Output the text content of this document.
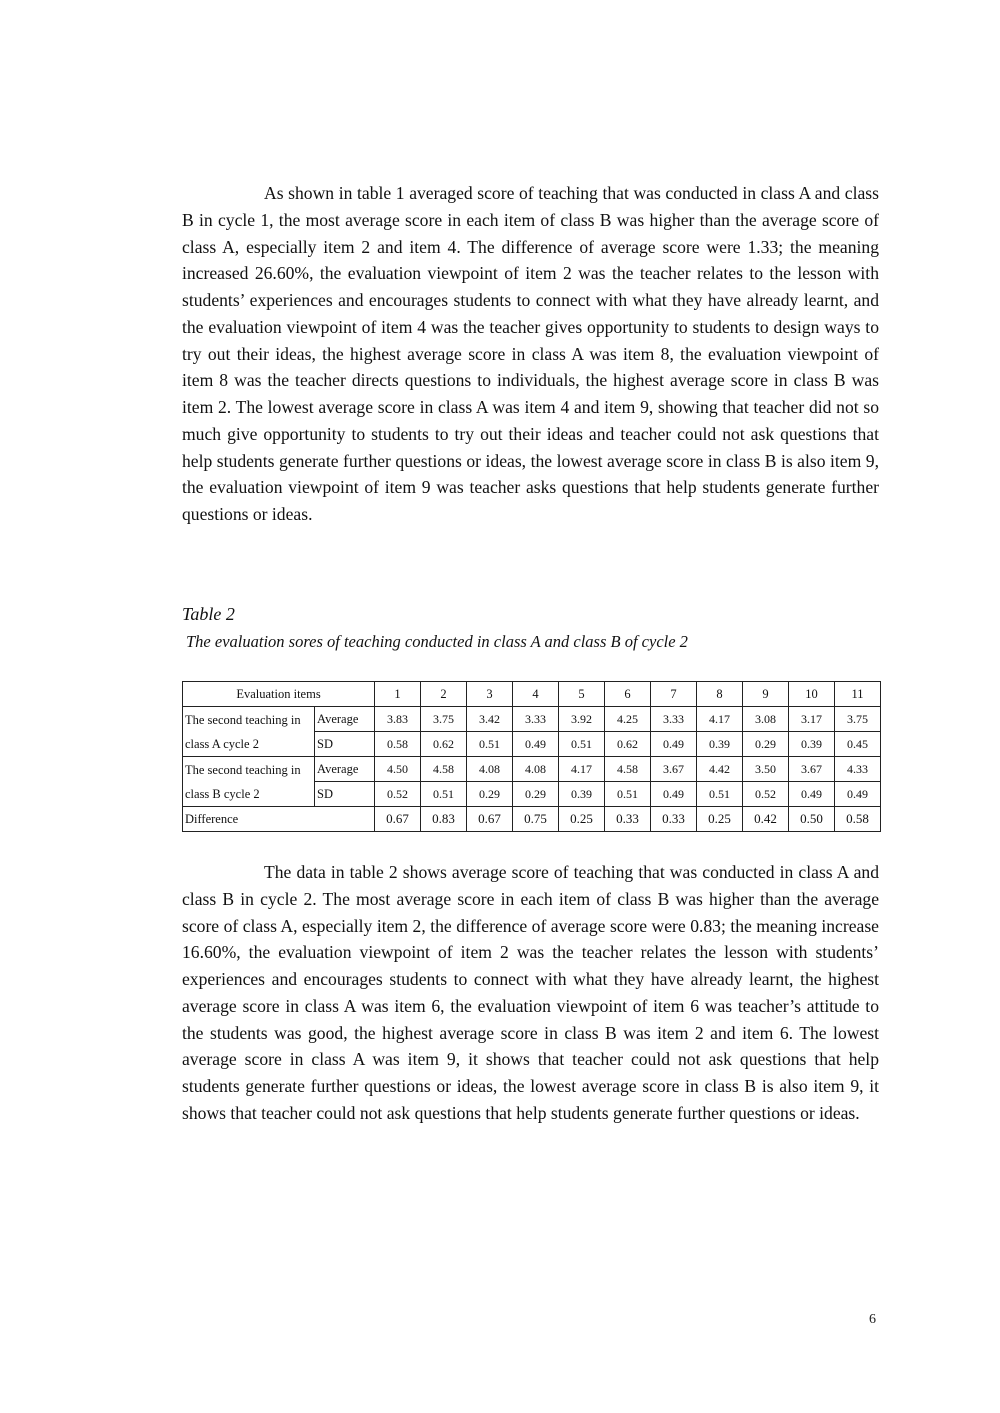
As shown in table 1 averaged score of teaching that was conducted in class A and class B in cycle 1, the most average score in each item of class B was higher than the average score of class A, especially item 2 and item 4. The difference of average score were 1.33; the meaning increased 26.60%, the evaluation viewpoint of item 2 was the teacher relates to the lesson with students’ experiences and encourages students to connect with what they have already learnt, and the evaluation viewpoint of item 4 was the teacher gives opportunity to students to design ways to try out their ideas, the highest average score in class A was item 8, the evaluation viewpoint of item 8 was the teacher directs questions to individuals, the highest average score in class B was item 2. The lowest average score in class A was item 4 and item 9, showing that teacher did not so much give opportunity to students to try out their ideas and teacher could not ask questions that help students generate further questions or ideas, the lowest average score in class B is also item 9, the evaluation viewpoint of item 9 was teacher asks questions that help students generate further questions or ideas.

Table 2
The evaluation sores of teaching conducted in class A and class B of cycle 2
Evaluation items		1	2	3	4	5	6	7	8	9	10	11
The second teaching in class A cycle 2	Average	3.83	3.75	3.42	3.33	3.92	4.25	3.33	4.17	3.08	3.17	3.75
	SD	0.58	0.62	0.51	0.49	0.51	0.62	0.49	0.39	0.29	0.39	0.45
The second teaching in class B cycle 2	Average	4.50	4.58	4.08	4.08	4.17	4.58	3.67	4.42	3.50	3.67	4.33
	SD	0.52	0.51	0.29	0.29	0.39	0.51	0.49	0.51	0.52	0.49	0.49
Difference		0.67	0.83	0.67	0.75	0.25	0.33	0.33	0.25	0.42	0.50	0.58

The data in table 2 shows average score of teaching that was conducted in class A and class B in cycle 2. The most average score in each item of class B was higher than the average score of class A, especially item 2, the difference of average score were 0.83; the meaning increase 16.60%, the evaluation viewpoint of item 2 was the teacher relates the lesson with students’ experiences and encourages students to connect with what they have already learnt, the highest average score in class A was item 6, the evaluation viewpoint of item 6 was teacher’s attitude to the students was good, the highest average score in class B was item 2 and item 6. The lowest average score in class A was item 9, it shows that teacher could not ask questions that help students generate further questions or ideas, the lowest average score in class B is also item 9, it shows that teacher could not ask questions that help students generate further questions or ideas.

6
